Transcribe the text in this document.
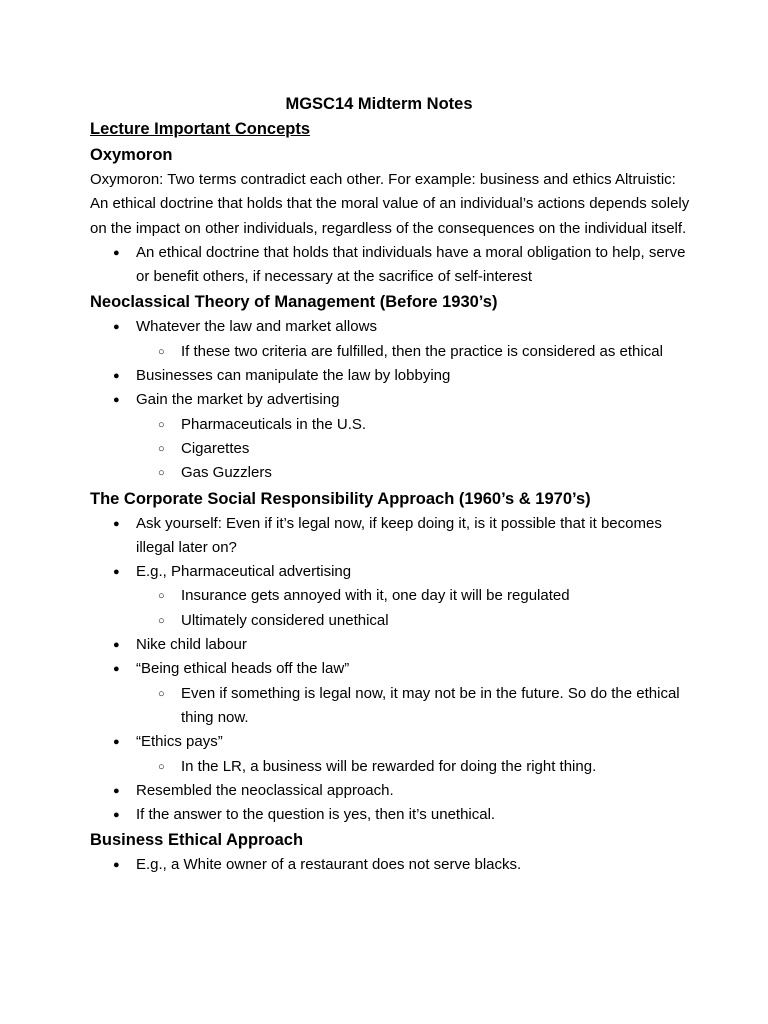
MGSC14 Midterm Notes
Lecture Important Concepts
Oxymoron

Oxymoron: Two terms contradict each other. For example: business and ethics Altruistic: An ethical doctrine that holds that the moral value of an individual’s actions depends solely on the impact on other individuals, regardless of the consequences on the individual itself.

● An ethical doctrine that holds that individuals have a moral obligation to help, serve or benefit others, if necessary at the sacrifice of self-interest
Neoclassical Theory of Management (Before 1930’s)
● Whatever the law and market allows
○ If these two criteria are fulfilled, then the practice is considered as ethical
● Businesses can manipulate the law by lobbying
● Gain the market by advertising
○ Pharmaceuticals in the U.S.
○ Cigarettes
○ Gas Guzzlers
The Corporate Social Responsibility Approach (1960’s & 1970’s)
● Ask yourself: Even if it’s legal now, if keep doing it, is it possible that it becomes illegal later on?
● E.g., Pharmaceutical advertising
○ Insurance gets annoyed with it, one day it will be regulated
○ Ultimately considered unethical
● Nike child labour
● “Being ethical heads off the law”
○ Even if something is legal now, it may not be in the future. So do the ethical thing now.
● “Ethics pays”
○ In the LR, a business will be rewarded for doing the right thing.
● Resembled the neoclassical approach.
● If the answer to the question is yes, then it’s unethical.
Business Ethical Approach
● E.g., a White owner of a restaurant does not serve blacks.
